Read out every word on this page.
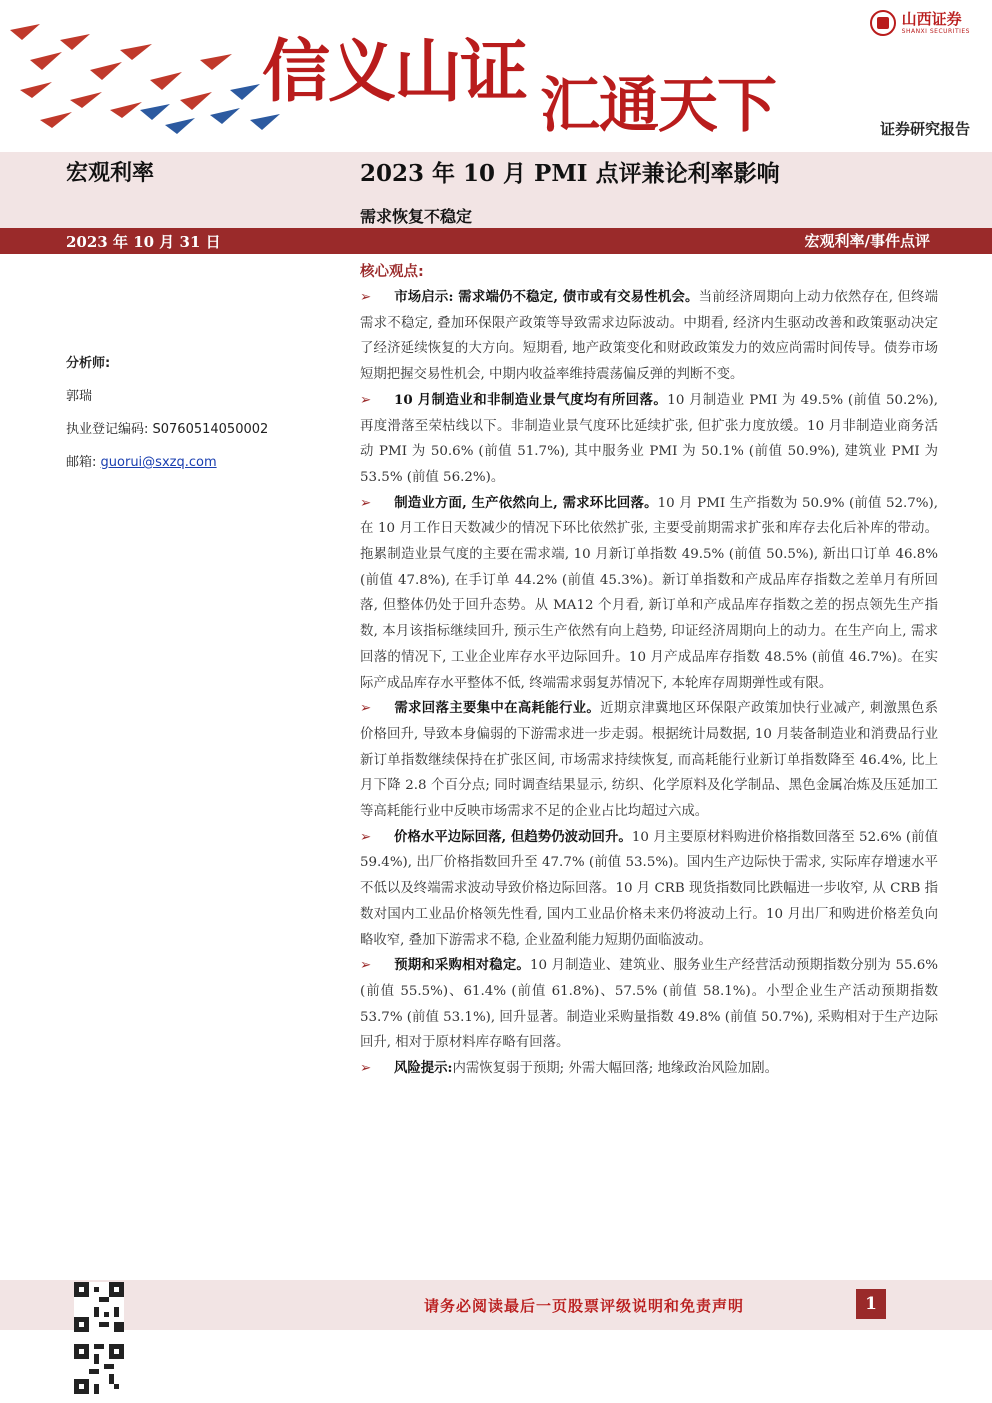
信义山证 汇通天下
山西证券
SHANXI SECURITIES
证券研究报告
宏观利率	2023 年 10 月 PMI 点评兼论利率影响
需求恢复不稳定
2023 年 10 月 31 日	宏观利率/事件点评
分析师:
郭瑞
执业登记编码: S0760514050002
邮箱: guorui@sxzq.com
核心观点:

➢ 市场启示: 需求端仍不稳定, 债市或有交易性机会。当前经济周期向上动力依然存在, 但终端需求不稳定, 叠加环保限产政策等导致需求边际波动。中期看, 经济内生驱动改善和政策驱动决定了经济延续恢复的大方向。短期看, 地产政策变化和财政政策发力的效应尚需时间传导。债券市场短期把握交易性机会, 中期内收益率维持震荡偏反弹的判断不变。

➢ 10 月制造业和非制造业景气度均有所回落。10 月制造业 PMI 为 49.5% (前值 50.2%), 再度滑落至荣枯线以下。非制造业景气度环比延续扩张, 但扩张力度放缓。10 月非制造业商务活动 PMI 为 50.6% (前值 51.7%), 其中服务业 PMI 为 50.1% (前值 50.9%), 建筑业 PMI 为 53.5% (前值 56.2%)。

➢ 制造业方面, 生产依然向上, 需求环比回落。10 月 PMI 生产指数为 50.9% (前值 52.7%), 在 10 月工作日天数减少的情况下环比依然扩张, 主要受前期需求扩张和库存去化后补库的带动。拖累制造业景气度的主要在需求端, 10 月新订单指数 49.5% (前值 50.5%), 新出口订单 46.8% (前值 47.8%), 在手订单 44.2% (前值 45.3%)。新订单指数和产成品库存指数之差单月有所回落, 但整体仍处于回升态势。从 MA12 个月看, 新订单和产成品库存指数之差的拐点领先生产指数, 本月该指标继续回升, 预示生产依然有向上趋势, 印证经济周期向上的动力。在生产向上, 需求回落的情况下, 工业企业库存水平边际回升。10 月产成品库存指数 48.5% (前值 46.7%)。在实际产成品库存水平整体不低, 终端需求弱复苏情况下, 本轮库存周期弹性或有限。

➢ 需求回落主要集中在高耗能行业。近期京津冀地区环保限产政策加快行业减产, 刺激黑色系价格回升, 导致本身偏弱的下游需求进一步走弱。根据统计局数据, 10 月装备制造业和消费品行业新订单指数继续保持在扩张区间, 市场需求持续恢复, 而高耗能行业新订单指数降至 46.4%, 比上月下降 2.8 个百分点; 同时调查结果显示, 纺织、化学原料及化学制品、黑色金属冶炼及压延加工等高耗能行业中反映市场需求不足的企业占比均超过六成。

➢ 价格水平边际回落, 但趋势仍波动回升。10 月主要原材料购进价格指数回落至 52.6% (前值 59.4%), 出厂价格指数回升至 47.7% (前值 53.5%)。国内生产边际快于需求, 实际库存增速水平不低以及终端需求波动导致价格边际回落。10 月 CRB 现货指数同比跌幅进一步收窄, 从 CRB 指数对国内工业品价格领先性看, 国内工业品价格未来仍将波动上行。10 月出厂和购进价格差负向略收窄, 叠加下游需求不稳, 企业盈利能力短期仍面临波动。

➢ 预期和采购相对稳定。10 月制造业、建筑业、服务业生产经营活动预期指数分别为 55.6% (前值 55.5%)、61.4% (前值 61.8%)、57.5% (前值 58.1%)。小型企业生产活动预期指数 53.7% (前值 53.1%), 回升显著。制造业采购量指数 49.8% (前值 50.7%), 采购相对于生产边际回升, 相对于原材料库存略有回落。

➢ 风险提示:内需恢复弱于预期; 外需大幅回落; 地缘政治风险加剧。

请务必阅读最后一页股票评级说明和免责声明	1
